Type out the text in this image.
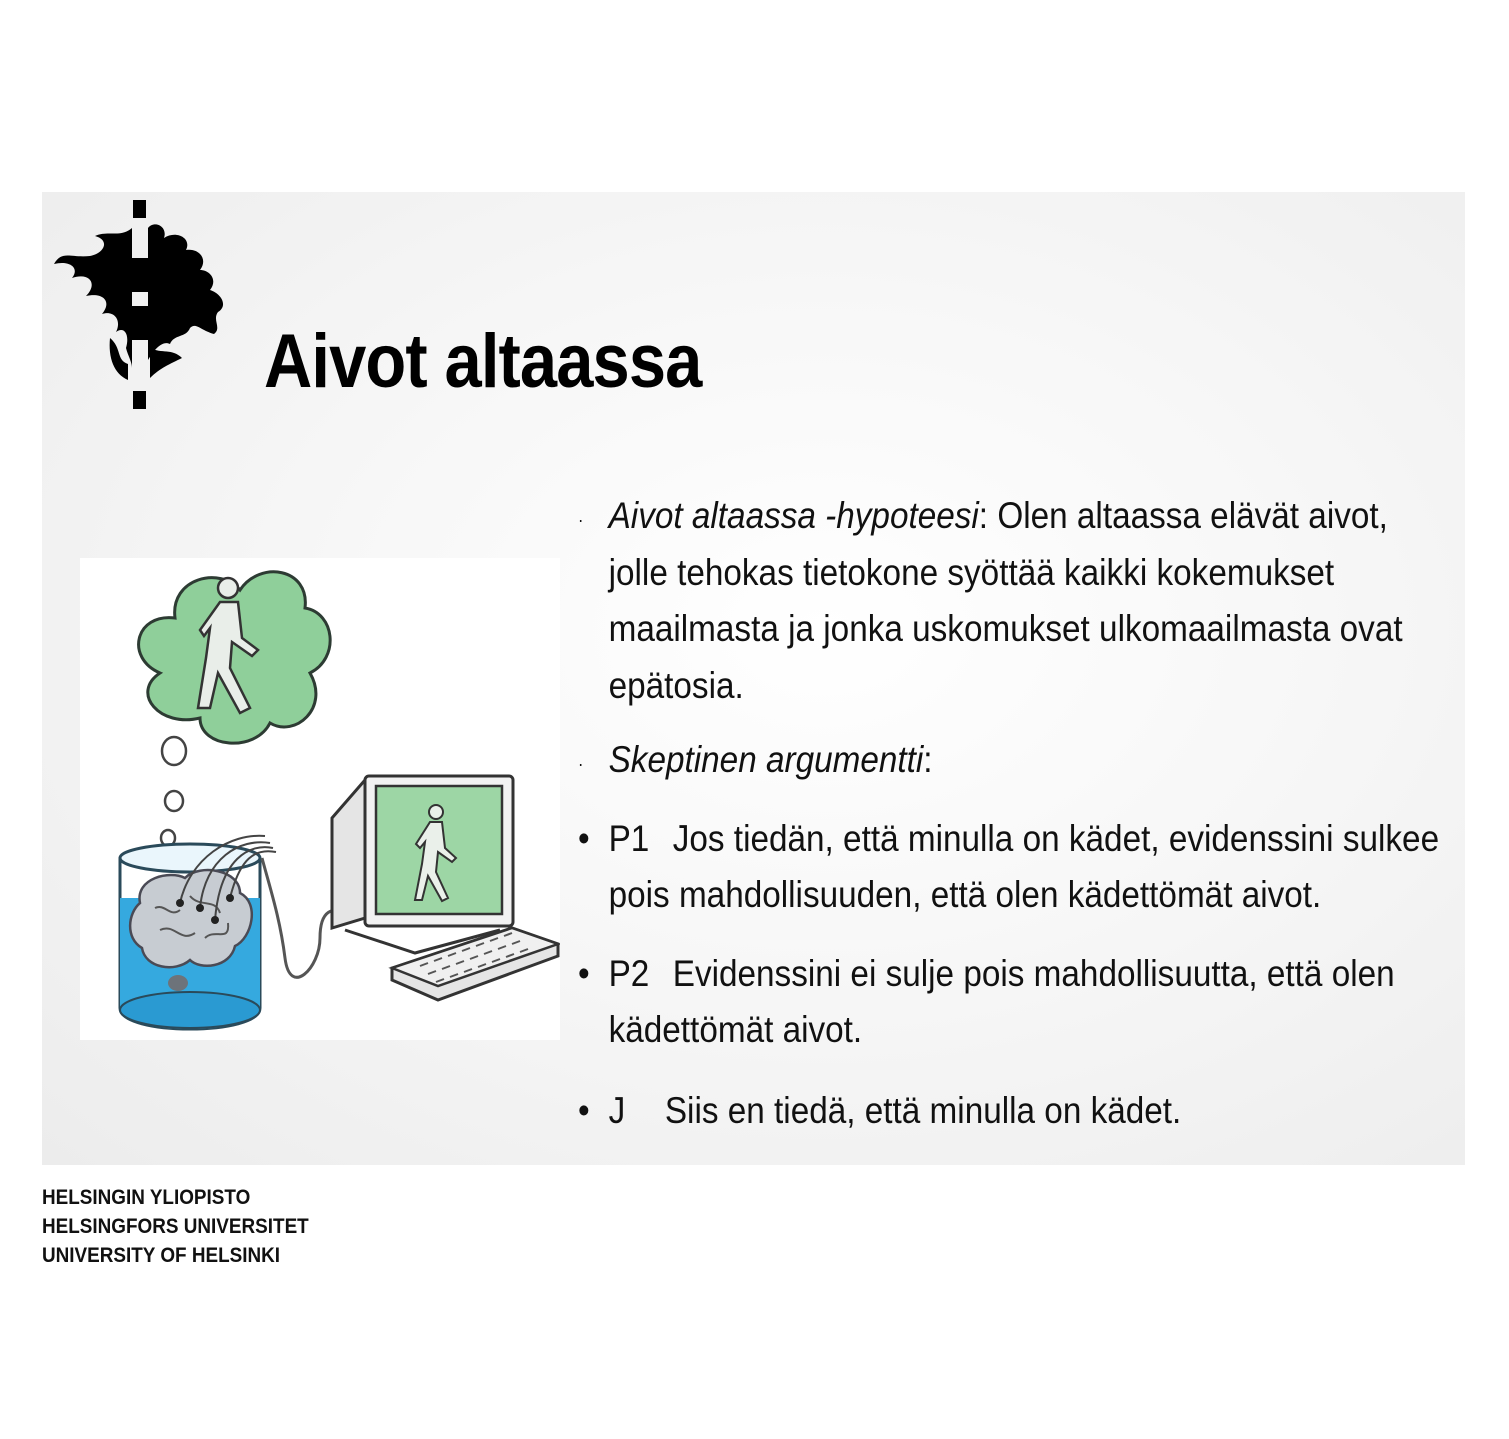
Aivot altaassa
· Aivot altaassa -hypoteesi: Olen altaassa elävät aivot, jolle tehokas tietokone syöttää kaikki kokemukset maailmasta ja jonka uskomukset ulkomaailmasta ovat epätosia.
· Skeptinen argumentti:
• P1 Jos tiedän, että minulla on kädet, evidenssini sulkee pois mahdollisuuden, että olen kädettömät aivot.
• P2 Evidenssini ei sulje pois mahdollisuutta, että olen kädettömät aivot.
• J Siis en tiedä, että minulla on kädet.
HELSINGIN YLIOPISTO
HELSINGFORS UNIVERSITET
UNIVERSITY OF HELSINKI
